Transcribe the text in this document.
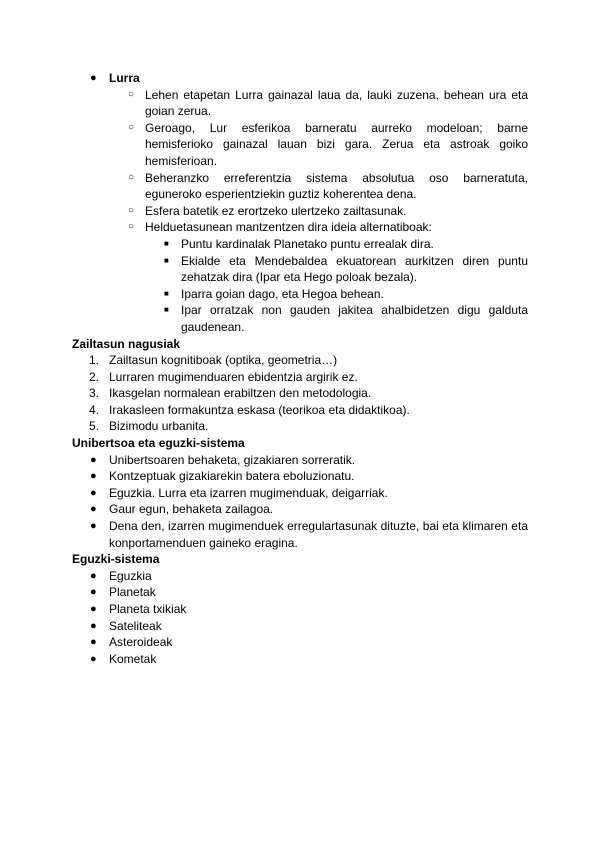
●	Lurra
○ Lehen etapetan Lurra gainazal laua da, lauki zuzena, behean ura eta goian zerua.
○ Geroago, Lur esferikoa barneratu aurreko modeloan; barne hemisferioko gainazal lauan bizi gara. Zerua eta astroak goiko hemisferioan.
○ Beheranzko erreferentzia sistema absolutua oso barneratuta, eguneroko esperientziekin guztiz koherentea dena.
○ Esfera batetik ez erortzeko ulertzeko zailtasunak.
○ Helduetasunean mantzentzen dira ideia alternatiboak:
■	Puntu kardinalak Planetako puntu errealak dira.
■	Ekialde eta Mendebaldea ekuatorean aurkitzen diren puntu zehatzak dira (Ipar eta Hego poloak bezala).
■	Iparra goian dago, eta Hegoa behean.
■	Ipar orratzak non gauden jakitea ahalbidetzen digu galduta gaudenean.
Zailtasun nagusiak
1. Zailtasun kognitiboak (optika, geometria…)
2. Lurraren mugimenduaren ebidentzia argirik ez.
3. Ikasgelan normalean erabiltzen den metodologia.
4. Irakasleen formakuntza eskasa (teorikoa eta didaktikoa).
5. Bizimodu urbanita.
Unibertsoa eta eguzki-sistema
●	Unibertsoaren behaketa, gizakiaren sorreratik.
●	Kontzeptuak gizakiarekin batera eboluzionatu.
●	Eguzkia. Lurra eta izarren mugimenduak, deigarriak.
●	Gaur egun, behaketa zailagoa.
●	Dena den, izarren mugimenduek erregulartasunak dituzte, bai eta klimaren eta konportamenduen gaineko eragina.
Eguzki-sistema
●	Eguzkia
●	Planetak
●	Planeta txikiak
●	Sateliteak
●	Asteroideak
●	Kometak
